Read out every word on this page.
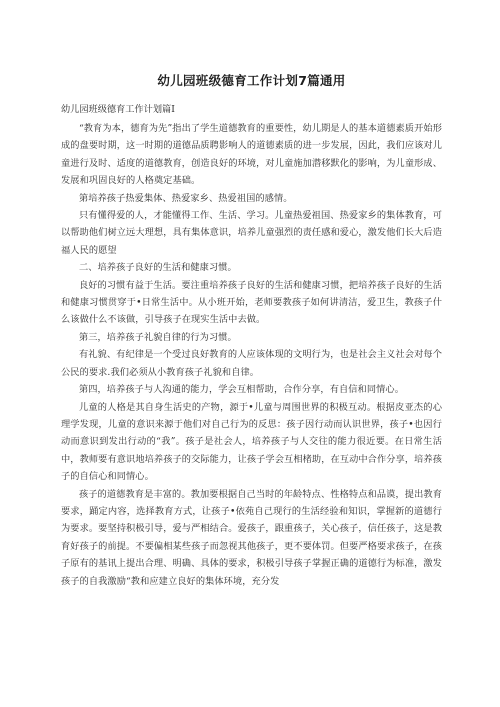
幼儿园班级德育工作计划7篇通用
幼儿园班级德育工作计划篇Ⅰ

“教育为本，德育为先”指出了学生道德教育的重要性，幼儿期是人的基本道德素质开始形成的盘要时期，这一时期的道德品质聘影响人的道德素质的进一步发展，因此，我们应该对儿童进行及时、适度的道德教育，创造良好的环境，对儿童施加潜移默化的影响，为儿童形成、发展和巩固良好的人格奠定基础。

第培养孩子热爱集体、热爱家乡、热爱祖国的感情。

只有懂得爱的人，才能懂得工作、生活、学习。儿童热爱祖国、热爱家乡的集体教育，可以帮助他们树立远大理想，具有集体意识，培养儿童强烈的责任感和爱心，激发他们长大后造福人民的愿望

二、培养孩子良好的生活和健康习惯。

良好的习惯有益于生活。要注重培养孩子良好的生活和健康习惯，把培养孩子良好的生活和健康习惯贯穿于•日常生活中。从小班开始，老师要教孩子如何讲清洁，爱卫生，教孩子什么该做什么不该做，引导孩子在现实生活中去做。

第三，培养孩子礼貌自律的行为习惯。

有礼貌、有纪律是一个受过良好教育的人应该体现的文明行为，也是社会主义社会对每个公民的要求.我们必须从小教育孩子礼貌和自律。

第四，培养孩子与人沟通的能力，学会互相帮助，合作分享，有自信和同情心。

儿童的人格是其自身生活史的产物，源于•儿童与周围世界的积极互动。根据皮亚杰的心理学发现，儿童的意识来源于他们对自己行为的反思：孩子因行动而认识世界，孩子•也因行动而意识到发出行动的“我”。孩子是社会人，培养孩子与人交往的能力很近要。在日常生活中，教师要有意识地培养孩子的交际能力，让孩子学会互相楮助，在互动中合作分享，培养孩子的自信心和同情心。

孩子的道德教育是丰富的。教加要根据自己当时的年龄特点、性格特点和品谟，提出教育要求，踊定内容，选择教育方式，让孩子•依苑自己现行的生活经验和知识，掌握新的道德行为要求。要坚持积极引导，爱与严相结合。爱孩子，跟重孩子，关心孩子，信任孩子，这是教育好孩子的前提。不要偏相某些孩子而忽视其他孩子，更不要体罚。但要严格要求孩子，在孩子原有的基讯上提出合理、明确、具体的要求，积极引导孩子掌握正确的道德行为标准，激发孩子的自我激励“教和应建立良好的集体环境，充分发
